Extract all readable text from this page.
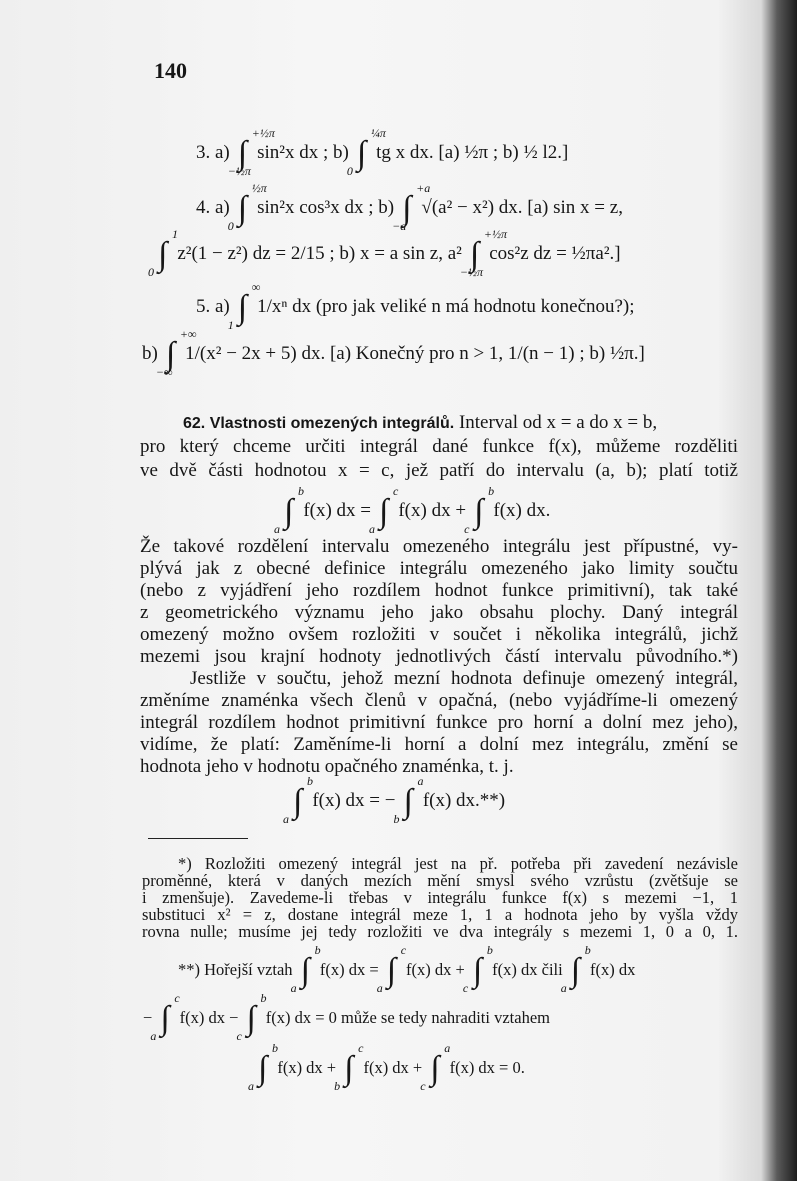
140
3. a) ∫
+½π
−½π
sin²x dx ; b) ∫
¼π
0
tg x dx. [a) ½π ; b) ½ l2.]
4. a) ∫
½π
0
sin²x cos³x dx ; b) ∫
+a
−a
√(a² − x²) dx. [a) sin x = z,
∫
1
0
z²(1 − z²) dz = 2/15 ; b) x = a sin z, a² ∫
+½π
−½π
cos²z dz = ½πa².]
5. a) ∫
∞
1
1/xⁿ dx (pro jak veliké n má hodnotu konečnou?);
b) ∫
+∞
−∞
1/(x² − 2x + 5) dx. [a) Konečný pro n > 1, 1/(n − 1) ; b) ½π.]
62. Vlastnosti omezených integrálů. Interval od x = a do x = b,
pro který chceme určiti integrál dané funkce f(x), můžeme rozděliti
ve dvě části hodnotou x = c, jež patří do intervalu (a, b); platí totiž
∫
b
a
f(x) dx = ∫
c
a
f(x) dx + ∫
b
c
f(x) dx.
Že takové rozdělení intervalu omezeného integrálu jest přípustné, vy-
plývá jak z obecné definice integrálu omezeného jako limity součtu
(nebo z vyjádření jeho rozdílem hodnot funkce primitivní), tak také
z geometrického významu jeho jako obsahu plochy. Daný integrál
omezený možno ovšem rozložiti v součet i několika integrálů, jichž
mezemi jsou krajní hodnoty jednotlivých částí intervalu původního.*)
Jestliže v součtu, jehož mezní hodnota definuje omezený integrál,
změníme znaménka všech členů v opačná, (nebo vyjádříme-li omezený
integrál rozdílem hodnot primitivní funkce pro horní a dolní mez jeho),
vidíme, že platí: Zaměníme-li horní a dolní mez integrálu, změní se
hodnota jeho v hodnotu opačného znaménka, t. j.
∫
b
a
f(x) dx = − ∫
a
b
f(x) dx.**)
*) Rozložiti omezený integrál jest na př. potřeba při zavedení nezávisle
proměnné, která v daných mezích mění smysl svého vzrůstu (zvětšuje se
i zmenšuje). Zavedeme-li třebas v integrálu funkce f(x) s mezemi −1, 1
substituci x² = z, dostane integrál meze 1, 1 a hodnota jeho by vyšla vždy
rovna nulle; musíme jej tedy rozložiti ve dva integrály s mezemi 1, 0 a 0, 1.
**) Hořejší vztah ∫
b
a
f(x) dx = ∫
c
a
f(x) dx + ∫
b
c
f(x) dx čili ∫
b
a
f(x) dx
− ∫
c
a
f(x) dx − ∫
b
c
f(x) dx = 0 může se tedy nahraditi vztahem
∫
b
a
f(x) dx + ∫
c
b
f(x) dx + ∫
a
c
f(x) dx = 0.
